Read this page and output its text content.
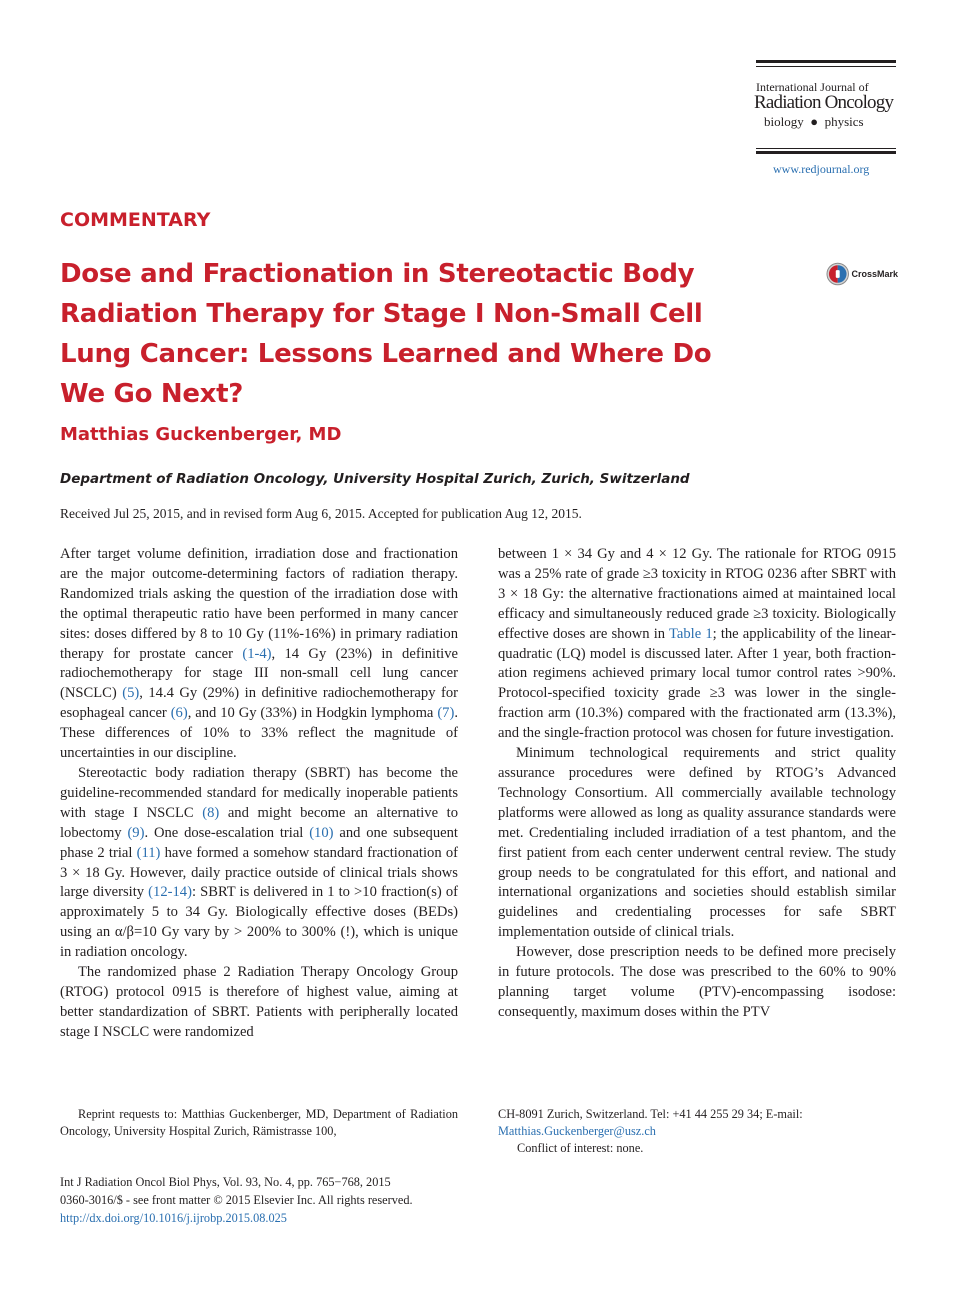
International Journal of
Radiation Oncology
biology  ●  physics
www.redjournal.org
CrossMark
COMMENTARY
Dose and Fractionation in Stereotactic Body
Radiation Therapy for Stage I Non-Small Cell
Lung Cancer: Lessons Learned and Where Do
We Go Next?
Matthias Guckenberger, MD
Department of Radiation Oncology, University Hospital Zurich, Zurich, Switzerland
Received Jul 25, 2015, and in revised form Aug 6, 2015. Accepted for publication Aug 12, 2015.

After target volume definition, irradiation dose and fractionation are the major outcome-determining factors of radiation therapy. Randomized trials asking the question of the irradiation dose with the optimal therapeutic ratio have been performed in many cancer sites: doses differed by 8 to 10 Gy (11%-16%) in primary radiation therapy for prostate cancer (1-4), 14 Gy (23%) in definitive radiochemotherapy for stage III non-small cell lung cancer (NSCLC) (5), 14.4 Gy (29%) in definitive radiochemotherapy for esophageal cancer (6), and 10 Gy (33%) in Hodgkin lymphoma (7). These differences of 10% to 33% reflect the magnitude of uncertainties in our discipline.

Stereotactic body radiation therapy (SBRT) has become the guideline-recommended standard for medically inoperable patients with stage I NSCLC (8) and might become an alternative to lobectomy (9). One dose-escalation trial (10) and one subsequent phase 2 trial (11) have formed a somehow standard fractionation of 3 × 18 Gy. However, daily practice outside of clinical trials shows large diversity (12-14): SBRT is delivered in 1 to >10 fraction(s) of approximately 5 to 34 Gy. Biologically effective doses (BEDs) using an α/β=10 Gy vary by > 200% to 300% (!), which is unique in radiation oncology.

The randomized phase 2 Radiation Therapy Oncology Group (RTOG) protocol 0915 is therefore of highest value, aiming at better standardization of SBRT. Patients with peripherally located stage I NSCLC were randomized

between 1 × 34 Gy and 4 × 12 Gy. The rationale for RTOG 0915 was a 25% rate of grade ≥3 toxicity in RTOG 0236 after SBRT with 3 × 18 Gy: the alternative fractionations aimed at maintained local efficacy and simultaneously reduced grade ≥3 toxicity. Biologically effective doses are shown in Table 1; the applicability of the linear-quadratic (LQ) model is discussed later. After 1 year, both fractionation regimens achieved primary local tumor control rates >90%. Protocol-specified toxicity grade ≥3 was lower in the single-fraction arm (10.3%) compared with the fractionated arm (13.3%), and the single-fraction protocol was chosen for future investigation.

Minimum technological requirements and strict quality assurance procedures were defined by RTOG’s Advanced Technology Consortium. All commercially available technology platforms were allowed as long as quality assurance standards were met. Credentialing included irradiation of a test phantom, and the first patient from each center underwent central review. The study group needs to be congratulated for this effort, and national and international organizations and societies should establish similar guidelines and credentialing processes for safe SBRT implementation outside of clinical trials.

However, dose prescription needs to be defined more precisely in future protocols. The dose was prescribed to the 60% to 90% planning target volume (PTV)-encompassing isodose: consequently, maximum doses within the PTV

Reprint requests to: Matthias Guckenberger, MD, Department of Radiation Oncology, University Hospital Zurich, Rämistrasse 100,
CH-8091 Zurich, Switzerland. Tel: +41 44 255 29 34; E-mail: Matthias.Guckenberger@usz.ch
Conflict of interest: none.
Int J Radiation Oncol Biol Phys, Vol. 93, No. 4, pp. 765−768, 2015
0360-3016/$ - see front matter © 2015 Elsevier Inc. All rights reserved.
http://dx.doi.org/10.1016/j.ijrobp.2015.08.025
